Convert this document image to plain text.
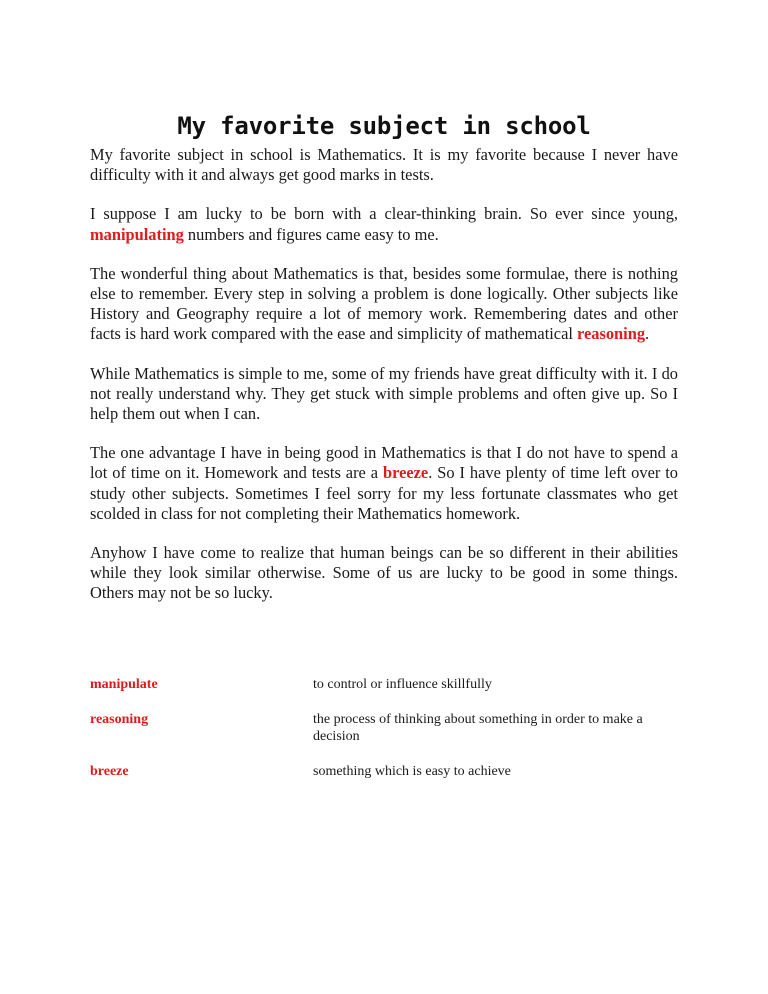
My favorite subject in school

My favorite subject in school is Mathematics. It is my favorite because I never have difficulty with it and always get good marks in tests.

I suppose I am lucky to be born with a clear-thinking brain. So ever since young, manipulating numbers and figures came easy to me.

The wonderful thing about Mathematics is that, besides some formulae, there is nothing else to remember. Every step in solving a problem is done logically. Other subjects like History and Geography require a lot of memory work. Remembering dates and other facts is hard work compared with the ease and simplicity of mathematical reasoning.

While Mathematics is simple to me, some of my friends have great difficulty with it. I do not really understand why. They get stuck with simple problems and often give up. So I help them out when I can.

The one advantage I have in being good in Mathematics is that I do not have to spend a lot of time on it. Homework and tests are a breeze. So I have plenty of time left over to study other subjects. Sometimes I feel sorry for my less fortunate classmates who get scolded in class for not completing their Mathematics homework.

Anyhow I have come to realize that human beings can be so different in their abilities while they look similar otherwise. Some of us are lucky to be good in some things. Others may not be so lucky.

manipulate	to control or influence skillfully
reasoning	the process of thinking about something in order to make a decision
breeze	something which is easy to achieve
